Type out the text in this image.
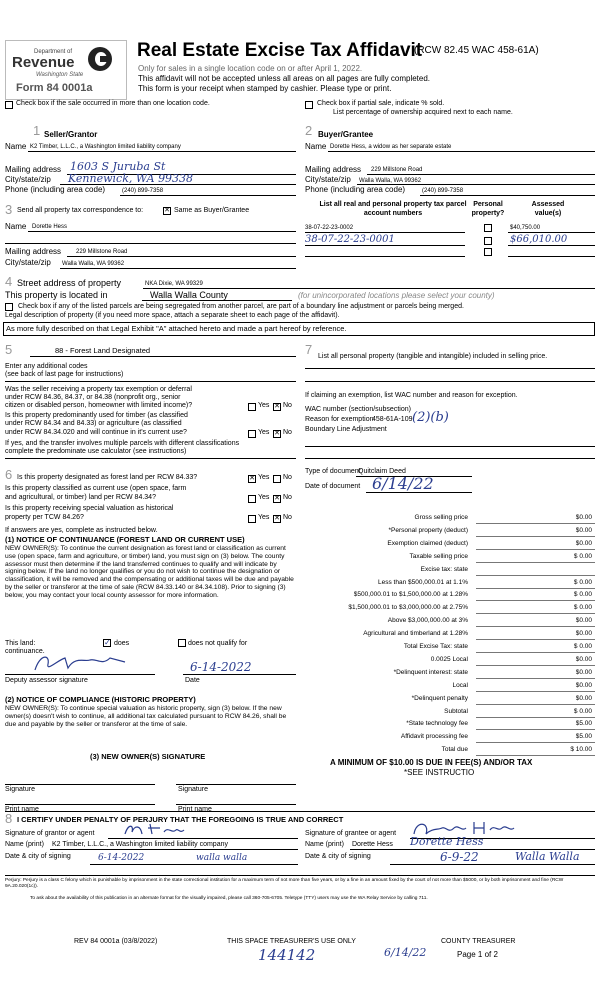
Department of
Revenue
Washington State
Form 84 0001a
Real Estate Excise Tax Affidavit
(RCW 82.45 WAC 458-61A)
Only for sales in a single location code on or after April 1, 2022.
This affidavit will not be accepted unless all areas on all pages are fully completed.
This form is your receipt when stamped by cashier. Please type or print.
Check box if the sale occurred in more than one location code.	Check box if partial sale, indicate % sold.
List percentage of ownership acquired next to each name.
1 Seller/Grantor
Name K2 Timber, L.L.C., a Washington limited liability company
Mailing address 1603 S Juruba St
City/state/zip Kennewick, WA 99338
Phone (including area code)	(240) 899-7358
2 Buyer/Grantee
Name Dorette Hess, a widow as her separate estate
Mailing address 229 Millstone Road
City/state/zip Walla Walla, WA 99362
Phone (including area code)	(240) 899-7358
3 Send all property tax correspondence to:	✕ Same as Buyer/Grantee
Name Dorette Hess
Mailing address 229 Millstone Road
City/state/zip Walla Walla, WA 99362
List all real and personal property tax parcel account numbers
Personal property?
Assessed value(s)
38-07-22-23-0002	$40,750.00
38-07-22-23-0001	$66,010.00
4 Street address of property	NKA Dixie, WA 99329
This property is located in	Walla Walla County	(for unincorporated locations please select your county)
Check box if any of the listed parcels are being segregated from another parcel, are part of a boundary line adjustment or parcels being merged.
Legal description of property (if you need more space, attach a separate sheet to each page of the affidavit).
As more fully described on that Legal Exhibit "A" attached hereto and made a part hereof by reference.
5	88 - Forest Land Designated
Enter any additional codes
(see back of last page for instructions)
Was the seller receiving a property tax exemption or deferral
under RCW 84.36, 84.37, or 84.38 (nonprofit org., senior
citizen or disabled person, homeowner with limited income)?	Yes ✕ No
Is this property predominantly used for timber (as classified
under RCW 84.34 and 84.33) or agriculture (as classified
under RCW 84.34.020 and will continue in it's current use?	Yes ✕ No
If yes, and the transfer involves multiple parcels with different classifications
complete the predominate use calculator (see instructions)
7 List all personal property (tangible and intangible) included in selling price.
If claiming an exemption, list WAC number and reason for exception.
WAC number (section/subsection)
Reason for exemption
458-61A-109 (2)(b)
Boundary Line Adjustment
Type of document
Quitclaim Deed
Date of document 6/14/22
6 Is this property designated as forest land per RCW 84.33?	✕ Yes No
Is this property classified as current use (open space, farm
and agricultural, or timber) land per RCW 84.34?	Yes ✕ No
Is this property receiving special valuation as historical
property per TCW 84.26?	Yes ✕ No
If answers are yes, complete as instructed below.
(1) NOTICE OF CONTINUANCE (FOREST LAND OR CURRENT USE)
NEW OWNER(S): To continue the current designation as forest land or classification as current use (open space, farm and agriculture, or timber) land, you must sign on (3) below. The county assessor must then determine if the land transferred continues to qualify and will indicate by signing below. If the land no longer qualifies or you do not wish to continue the designation or classification, it will be removed and the compensating or additional taxes will be due and payable by the seller or transferor at the time of sale (RCW 84.33.140 or 84.34.108). Prior to signing (3) below, you may contact your local county assessor for more information.
This land:	✓ does	does not qualify for
continuance.
6-14-2022
Deputy assessor signature	Date
(2) NOTICE OF COMPLIANCE (HISTORIC PROPERTY)
NEW OWNER(S): To continue special valuation as historic property, sign (3) below. If the new owner(s) doesn't wish to continue, all additional tax calculated pursuant to RCW 84.26, shall be due and payable by the seller or transferor at the time of sale.
(3) NEW OWNER(S) SIGNATURE
Signature	Signature
Print name	Print name
Gross selling price	$0.00
*Personal property (deduct)	$0.00
Exemption claimed (deduct)	$0.00
Taxable selling price	$ 0.00
Excise tax: state
Less than $500,000.01 at 1.1%	$ 0.00
$500,000.01 to $1,500,000.00 at 1.28%	$ 0.00
$1,500,000.01 to $3,000,000.00 at 2.75%	$ 0.00
Above $3,000,000.00 at 3%	$0.00
Agricultural and timberland at 1.28%	$0.00
Total Excise Tax: state	$ 0.00
0.0025 Local	$0.00
*Delinquent interest: state	$0.00
Local	$0.00
*Delinquent penalty	$0.00
Subtotal	$ 0.00
*State technology fee	$5.00
Affidavit processing fee	$5.00
Total due	$ 10.00
A MINIMUM OF $10.00 IS DUE IN FEE(S) AND/OR TAX
*SEE INSTRUCTIO
8 I CERTIFY UNDER PENALTY OF PERJURY THAT THE FOREGOING IS TRUE AND CORRECT
Signature of grantor or agent
Name (print) K2 Timber, L.L.C., a Washington limited liability company
Date & city of signing	6-14-2022	walla walla
Signature of grantee or agent
Name (print) Dorette Hess Dorette Hess
Date & city of signing	6-9-22	Walla Walla
Perjury: Perjury is a class C felony which is punishable by imprisonment in the state correctional institution for a maximum term of not more than five years, or by a fine in an amount fixed by the court of not more than $5000, or by both imprisonment and fine (RCW 9A.20.020(1c)).
To ask about the availability of this publication in an alternate format for the visually impaired, please call 360-705-6705. Teletype (TTY) users may use the WA Relay Service by calling 711.
REV 84 0001a (03/8/2022)	THIS SPACE TREASURER'S USE ONLY	COUNTY TREASURER
144142	6/14/22	Page 1 of 2
